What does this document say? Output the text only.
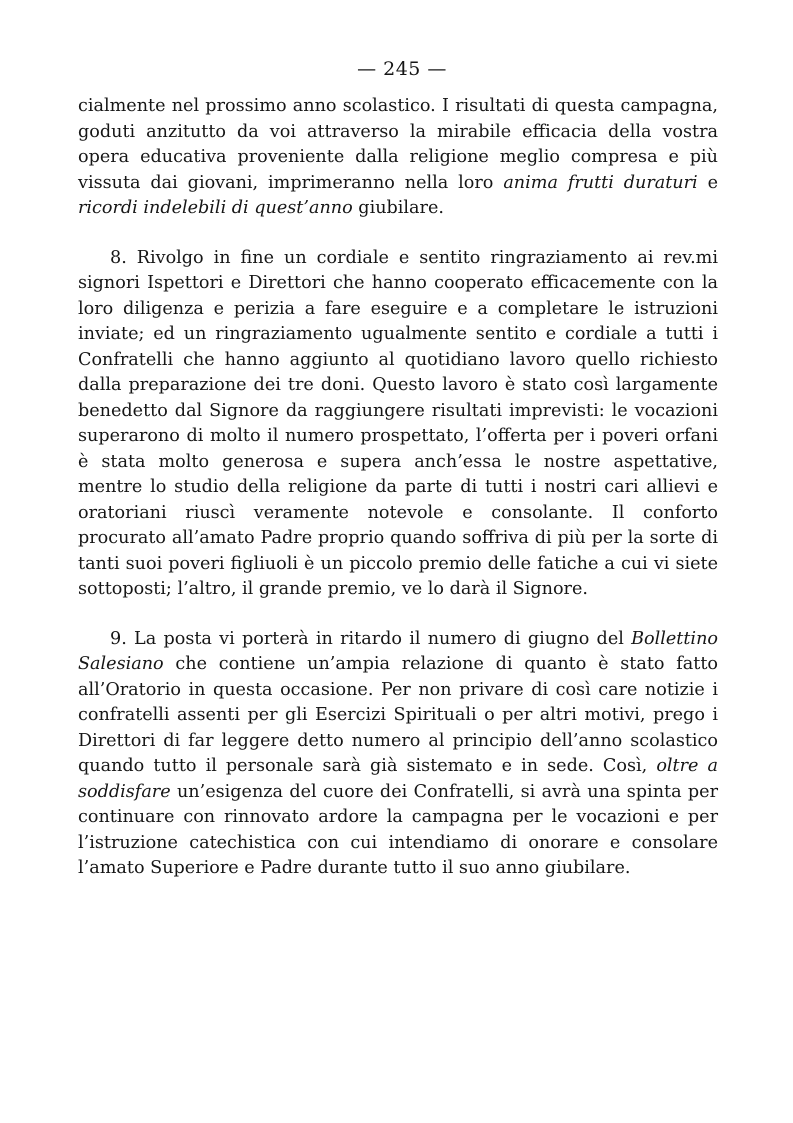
— 245 —

cialmente nel prossimo anno scolastico. I risultati di questa campagna, goduti anzitutto da voi attraverso la mirabile efficacia della vostra opera educativa proveniente dalla religione meglio compresa e più vissuta dai giovani, imprimeranno nella loro anima frutti duraturi e ricordi indelebili di quest’anno giubilare.

8. Rivolgo in fine un cordiale e sentito ringraziamento ai rev.mi signori Ispettori e Direttori che hanno cooperato efficacemente con la loro diligenza e perizia a fare eseguire e a completare le istruzioni inviate; ed un ringraziamento ugualmente sentito e cordiale a tutti i Confratelli che hanno aggiunto al quotidiano lavoro quello richiesto dalla preparazione dei tre doni. Questo lavoro è stato così largamente benedetto dal Signore da raggiungere risultati imprevisti: le vocazioni superarono di molto il numero prospettato, l’offerta per i poveri orfani è stata molto generosa e supera anch’essa le nostre aspettative, mentre lo studio della religione da parte di tutti i nostri cari allievi e oratoriani riuscì veramente notevole e consolante. Il conforto procurato all’amato Padre proprio quando soffriva di più per la sorte di tanti suoi poveri figliuoli è un piccolo premio delle fatiche a cui vi siete sottoposti; l’altro, il grande premio, ve lo darà il Signore.

9. La posta vi porterà in ritardo il numero di giugno del Bollettino Salesiano che contiene un’ampia relazione di quanto è stato fatto all’Oratorio in questa occasione. Per non privare di così care notizie i confratelli assenti per gli Esercizi Spirituali o per altri motivi, prego i Direttori di far leggere detto numero al principio dell’anno scolastico quando tutto il personale sarà già sistemato e in sede. Così, oltre a soddisfare un’esigenza del cuore dei Confratelli, si avrà una spinta per continuare con rinnovato ardore la campagna per le vocazioni e per l’istruzione catechistica con cui intendiamo di onorare e consolare l’amato Superiore e Padre durante tutto il suo anno giubilare.
